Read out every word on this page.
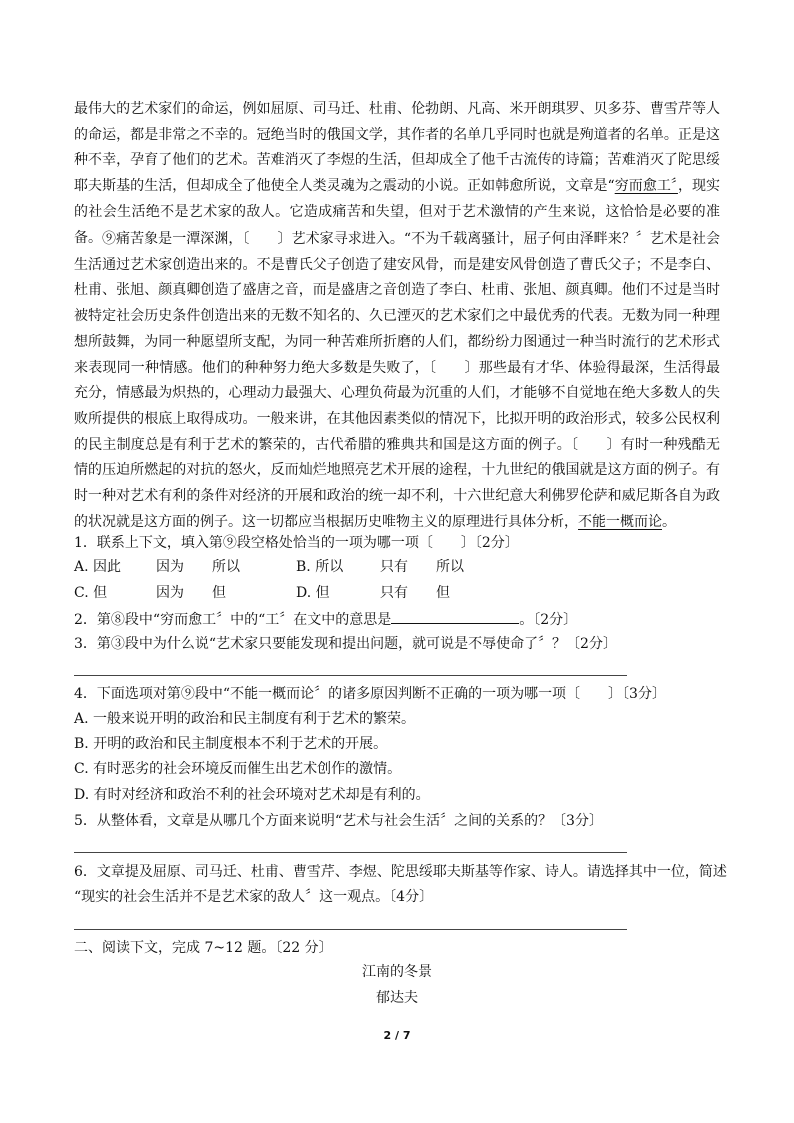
最伟大的艺术家们的命运，例如屈原、司马迁、杜甫、伦勃朗、凡高、米开朗琪罗、贝多芬、曹雪芹等人的命运，都是非常之不幸的。冠绝当时的俄国文学，其作者的名单几乎同时也就是殉道者的名单。正是这种不幸，孕育了他们的艺术。苦难消灭了李煜的生活，但却成全了他千古流传的诗篇；苦难消灭了陀思绥耶夫斯基的生活，但却成全了他使全人类灵魂为之震动的小说。正如韩愈所说，文章是“穷而愈工〞，现实的社会生活绝不是艺术家的敌人。它造成痛苦和失望，但对于艺术激情的产生来说，这恰恰是必要的准备。 ⑨痛苦象是一潭深渊，〔　　〕艺术家寻求进入。“不为千载离骚计，屈子何由泽畔来？〞艺术是社会生活通过艺术家创造出来的。不是曹氏父子创造了建安风骨，而是建安风骨创造了曹氏父子；不是李白、杜甫、张旭、颜真卿创造了盛唐之音，而是盛唐之音创造了李白、杜甫、张旭、颜真卿。他们不过是当时被特定社会历史条件创造出来的无数不知名的、久已湮灭的艺术家们之中最优秀的代表。无数为同一种理想所鼓舞，为同一种愿望所支配，为同一种苦难所折磨的人们，都纷纷力图通过一种当时流行的艺术形式来表现同一种情感。他们的种种努力绝大多数是失败了，〔　　〕那些最有才华、体验得最深，生活得最充分，情感最为炽热的，心理动力最强大、心理负荷最为沉重的人们，才能够不自觉地在绝大多数人的失败所提供的根底上取得成功。一般来讲，在其他因素类似的情况下，比拟开明的政治形式，较多公民权利的民主制度总是有利于艺术的繁荣的，古代希腊的雅典共和国是这方面的例子。〔　　〕有时一种残酷无情的压迫所燃起的对抗的怒火，反而灿烂地照亮艺术开展的途程，十九世纪的俄国就是这方面的例子。有时一种对艺术有利的条件对经济的开展和政治的统一却不利，十六世纪意大利佛罗伦萨和威尼斯各自为政的状况就是这方面的例子。这一切都应当根据历史唯物主义的原理进行具体分析，不能一概而论。

1．联系上下文，填入第⑨段空格处恰当的一项为哪一项〔　　〕〔2分〕
A. 因此 因为 所以	B. 所以	只有 所以
C. 但	因为 但	D. 但	只有 但
2．第⑧段中“穷而愈工〞中的“工〞在文中的意思是	。〔2分〕
3．第③段中为什么说“艺术家只要能发现和提出问题，就可说是不辱使命了〞？〔2分〕
4．下面选项对第⑨段中“不能一概而论〞的诸多原因判断不正确的一项为哪一项〔　　〕〔3分〕
A. 一般来说开明的政治和民主制度有利于艺术的繁荣。
B. 开明的政治和民主制度根本不利于艺术的开展。
C. 有时恶劣的社会环境反而催生出艺术创作的激情。
D. 有时对经济和政治不利的社会环境对艺术却是有利的。
5．从整体看，文章是从哪几个方面来说明“艺术与社会生活〞之间的关系的？〔3分〕
6．文章提及屈原、司马迁、杜甫、曹雪芹、李煜、陀思绥耶夫斯基等作家、诗人。请选择其中一位，简述
“现实的社会生活并不是艺术家的敌人〞这一观点。〔4分〕
二、阅读下文，完成 7~12 题。〔22 分〕
江南的冬景
郁达夫
2 / 7
